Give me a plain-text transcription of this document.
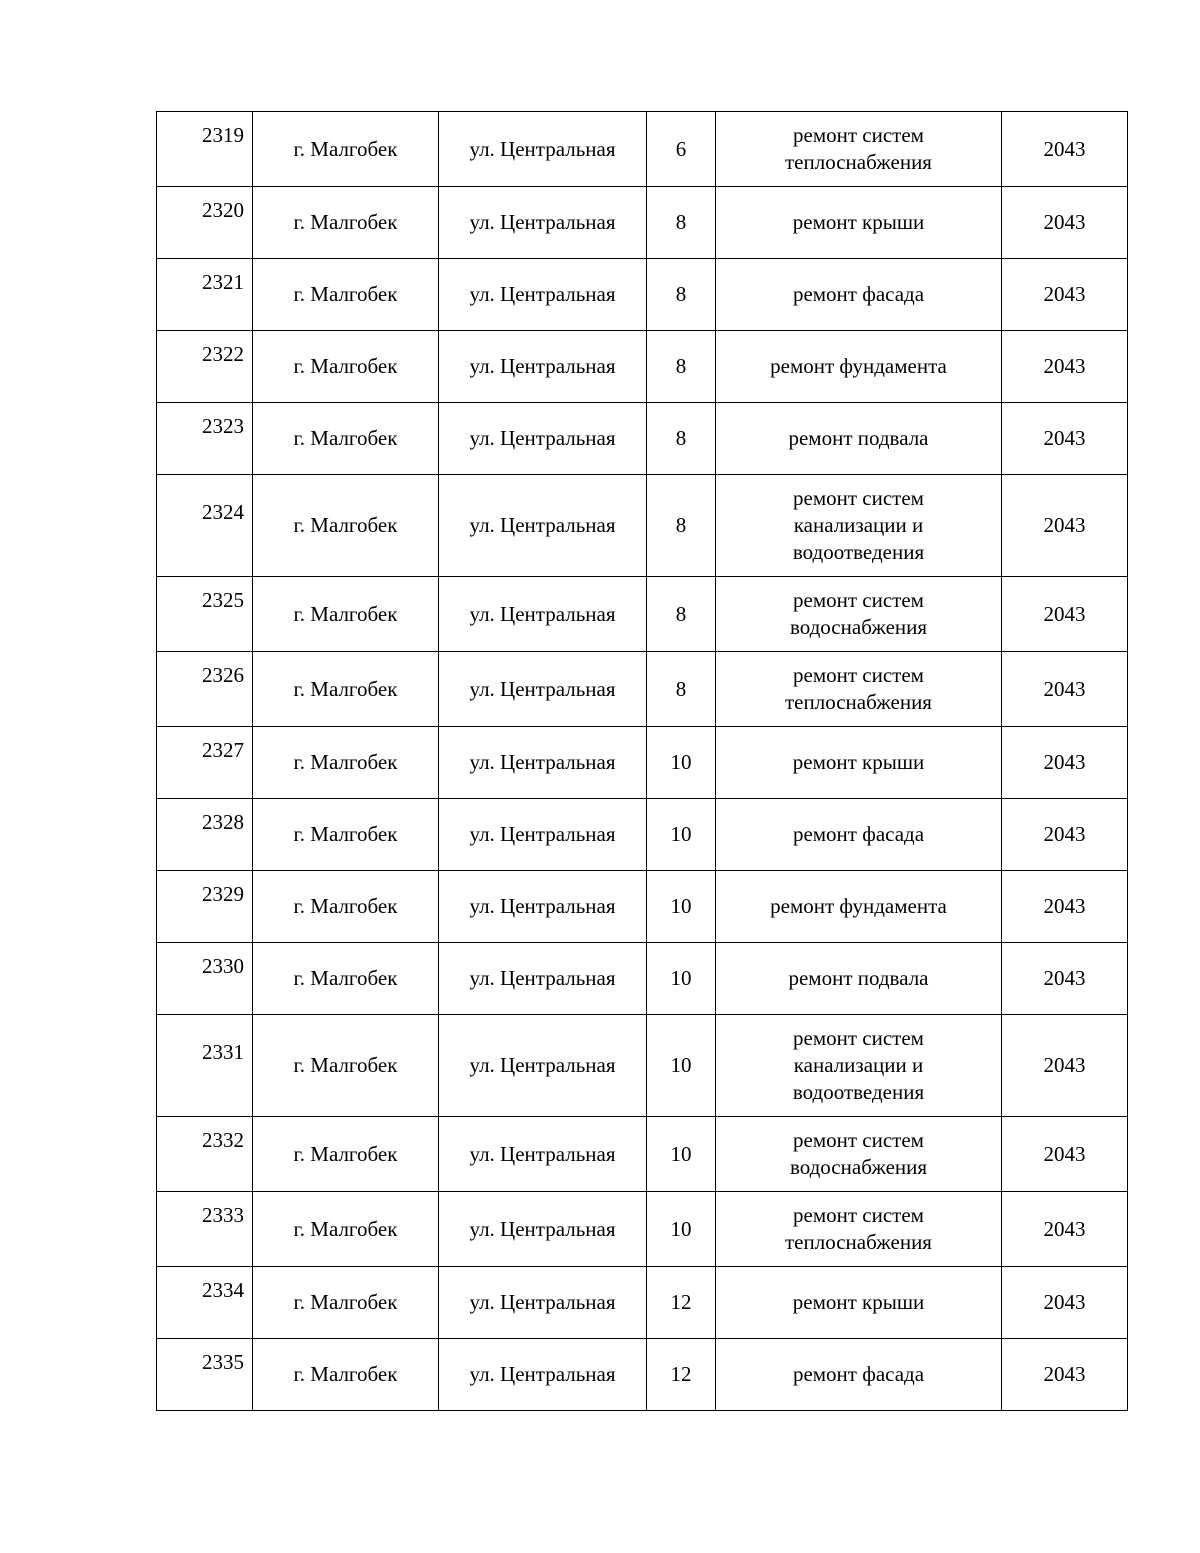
2319	г. Малгобек	ул. Центральная	6	ремонт систем теплоснабжения	2043
2320	г. Малгобек	ул. Центральная	8	ремонт крыши	2043
2321	г. Малгобек	ул. Центральная	8	ремонт фасада	2043
2322	г. Малгобек	ул. Центральная	8	ремонт фундамента	2043
2323	г. Малгобек	ул. Центральная	8	ремонт подвала	2043
2324	г. Малгобек	ул. Центральная	8	ремонт систем канализации и водоотведения	2043
2325	г. Малгобек	ул. Центральная	8	ремонт систем водоснабжения	2043
2326	г. Малгобек	ул. Центральная	8	ремонт систем теплоснабжения	2043
2327	г. Малгобек	ул. Центральная	10	ремонт крыши	2043
2328	г. Малгобек	ул. Центральная	10	ремонт фасада	2043
2329	г. Малгобек	ул. Центральная	10	ремонт фундамента	2043
2330	г. Малгобек	ул. Центральная	10	ремонт подвала	2043
2331	г. Малгобек	ул. Центральная	10	ремонт систем канализации и водоотведения	2043
2332	г. Малгобек	ул. Центральная	10	ремонт систем водоснабжения	2043
2333	г. Малгобек	ул. Центральная	10	ремонт систем теплоснабжения	2043
2334	г. Малгобек	ул. Центральная	12	ремонт крыши	2043
2335	г. Малгобек	ул. Центральная	12	ремонт фасада	2043
